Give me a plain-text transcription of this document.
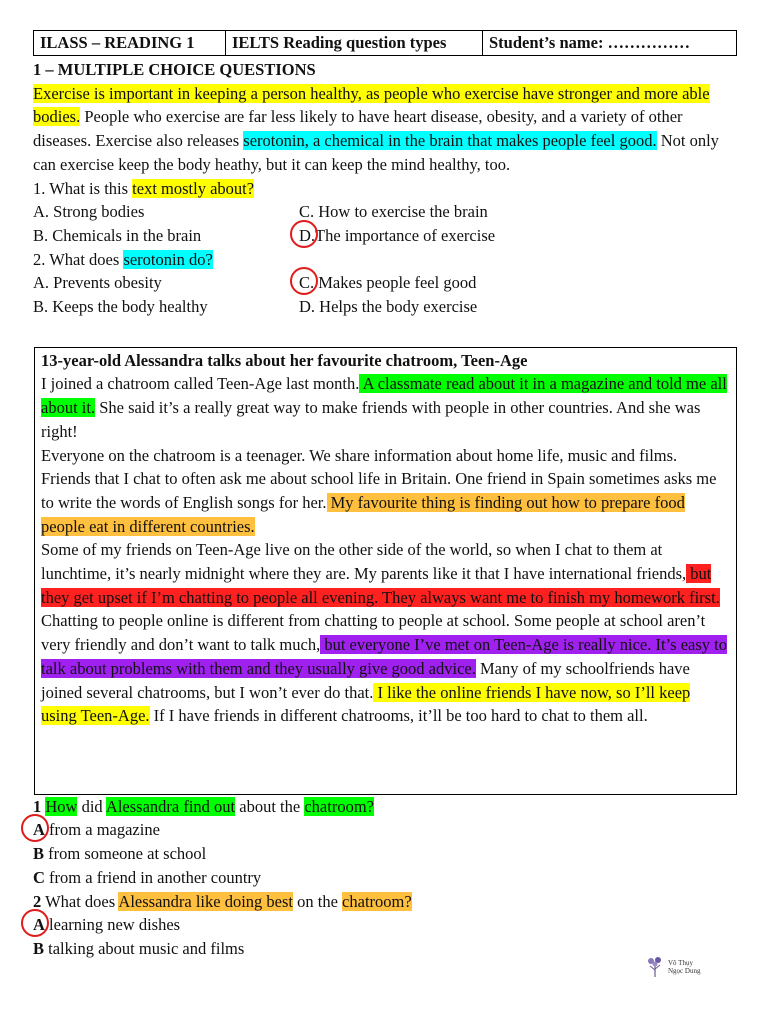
ILASS – READING 1	IELTS Reading question types	Student’s name: ……………
1 – MULTIPLE CHOICE QUESTIONS

Exercise is important in keeping a person healthy, as people who exercise have stronger and more able bodies. People who exercise are far less likely to have heart disease, obesity, and a variety of other diseases. Exercise also releases serotonin, a chemical in the brain that makes people feel good. Not only can exercise keep the body heathy, but it can keep the mind healthy, too.

1. What is this text mostly about?

A. Strong bodies	C. How to exercise the brain
B. Chemicals in the brain	D.The importance of exercise

2. What does serotonin do?

A. Prevents obesity	C. Makes people feel good
B. Keeps the body healthy	D. Helps the body exercise
13-year-old Alessandra talks about her favourite chatroom, Teen-Age

I joined a chatroom called Teen-Age last month. A classmate read about it in a magazine and told me all about it. She said it’s a really great way to make friends with people in other countries. And she was right!

Everyone on the chatroom is a teenager. We share information about home life, music and films. Friends that I chat to often ask me about school life in Britain. One friend in Spain sometimes asks me to write the words of English songs for her. My favourite thing is finding out how to prepare food people eat in different countries.

Some of my friends on Teen-Age live on the other side of the world, so when I chat to them at lunchtime, it’s nearly midnight where they are. My parents like it that I have international friends, but they get upset if I’m chatting to people all evening. They always want me to finish my homework first.

Chatting to people online is different from chatting to people at school. Some people at school aren’t very friendly and don’t want to talk much, but everyone I’ve met on Teen-Age is really nice. It’s easy to talk about problems with them and they usually give good advice. Many of my schoolfriends have joined several chatrooms, but I won’t ever do that. I like the online friends I have now, so I’ll keep using Teen-Age. If I have friends in different chatrooms, it’ll be too hard to chat to them all.

1 How did Alessandra find out about the chatroom?

A from a magazine

B from someone at school

C from a friend in another country

2 What does Alessandra like doing best on the chatroom?

A learning new dishes

B talking about music and films

Võ Thụy
Ngọc Dung
